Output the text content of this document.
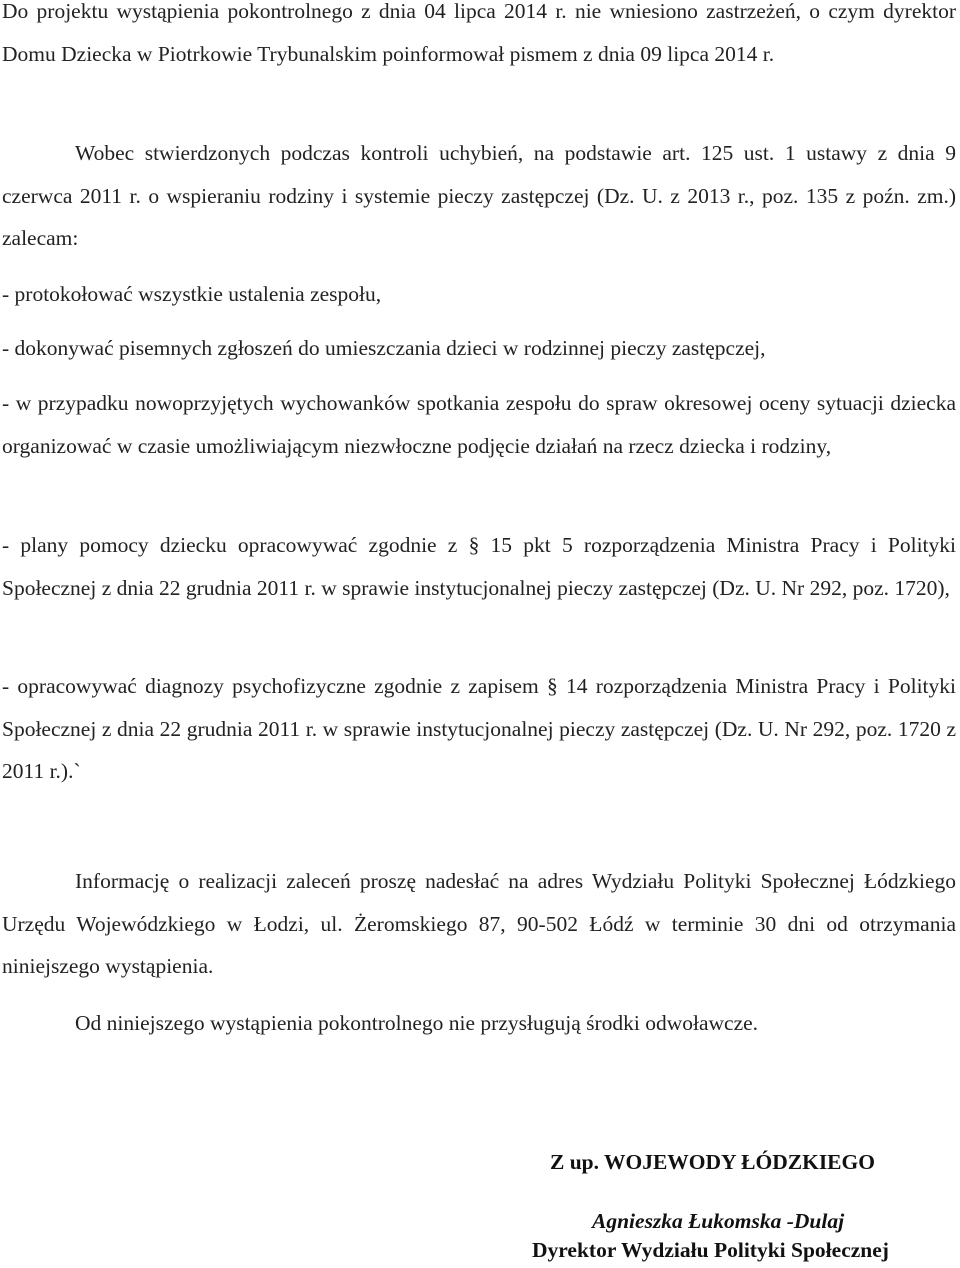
Do projektu wystąpienia pokontrolnego z dnia 04 lipca 2014 r. nie wniesiono zastrzeżeń, o czym dyrektor Domu Dziecka w Piotrkowie Trybunalskim poinformował pismem z dnia 09 lipca 2014 r.

Wobec stwierdzonych podczas kontroli uchybień, na podstawie art. 125 ust. 1 ustawy z dnia 9 czerwca 2011 r. o wspieraniu rodziny i systemie pieczy zastępczej (Dz. U. z 2013 r., poz. 135 z poźn. zm.) zalecam:

- protokołować wszystkie ustalenia zespołu,

- dokonywać pisemnych zgłoszeń do umieszczania dzieci w rodzinnej pieczy zastępczej,

- w przypadku nowoprzyjętych wychowanków spotkania zespołu do spraw okresowej oceny sytuacji dziecka organizować w czasie umożliwiającym niezwłoczne podjęcie działań na rzecz dziecka i rodziny,

- plany pomocy dziecku opracowywać zgodnie z § 15 pkt 5 rozporządzenia Ministra Pracy i Polityki Społecznej z dnia 22 grudnia 2011 r. w sprawie instytucjonalnej pieczy zastępczej (Dz. U. Nr 292, poz. 1720),

- opracowywać diagnozy psychofizyczne zgodnie z zapisem § 14 rozporządzenia Ministra Pracy i Polityki Społecznej z dnia 22 grudnia 2011 r. w sprawie instytucjonalnej pieczy zastępczej (Dz. U. Nr 292, poz. 1720 z 2011 r.).`

Informację o realizacji zaleceń proszę nadesłać na adres Wydziału Polityki Społecznej Łódzkiego Urzędu Wojewódzkiego w Łodzi, ul. Żeromskiego 87, 90-502 Łódź w terminie 30 dni od otrzymania niniejszego wystąpienia.

Od niniejszego wystąpienia pokontrolnego nie przysługują środki odwoławcze.

Z up. WOJEWODY ŁÓDZKIEGO
Agnieszka Łukomska -Dulaj
Dyrektor Wydziału Polityki Społecznej
